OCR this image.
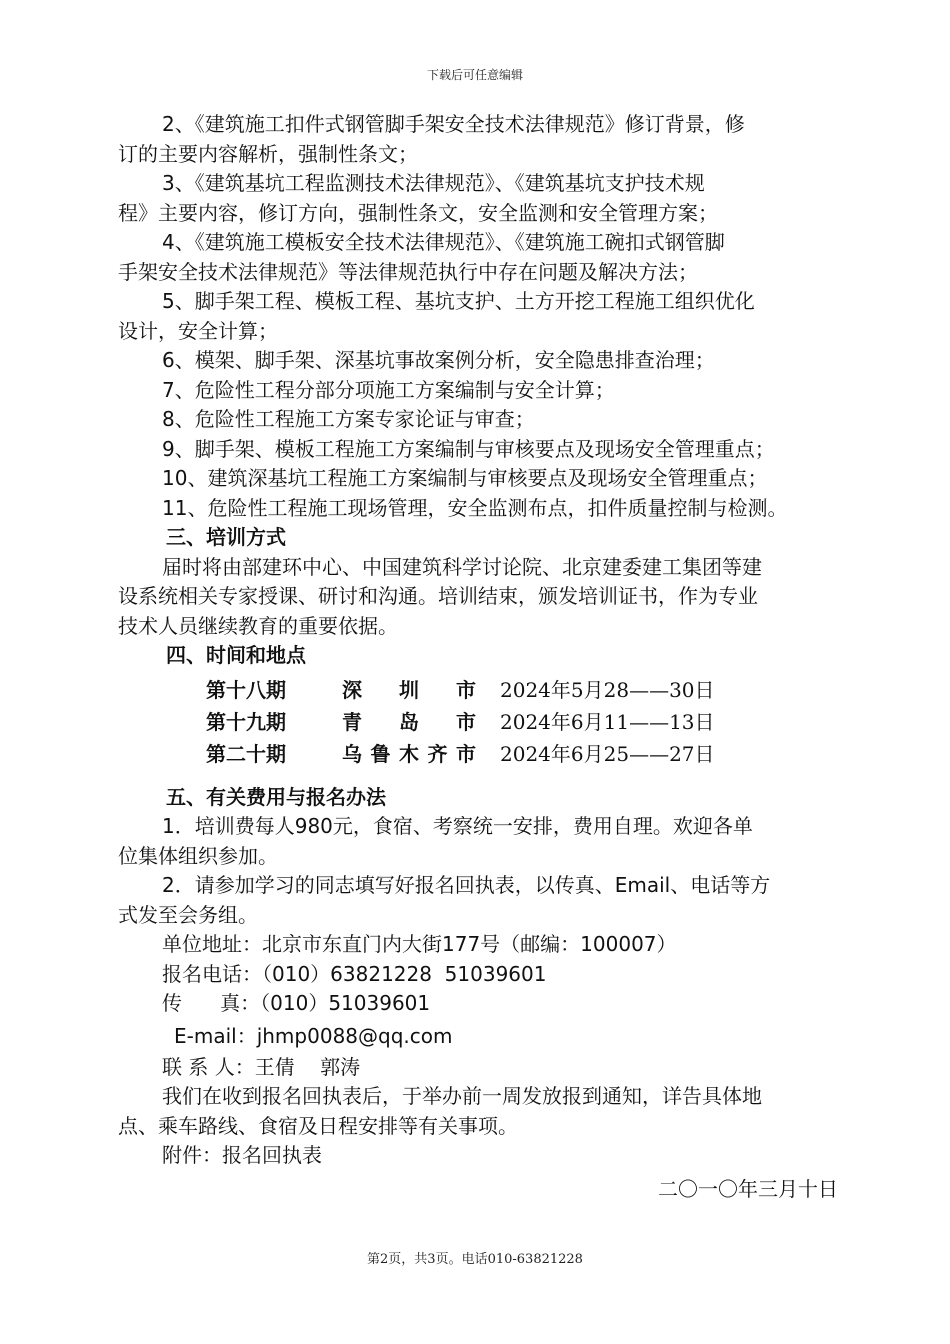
下载后可任意编辑

2、《建筑施工扣件式钢管脚手架安全技术法律规范》修订背景，修

订的主要内容解析，强制性条文；

3、《建筑基坑工程监测技术法律规范》、《建筑基坑支护技术规

程》主要内容，修订方向，强制性条文，安全监测和安全管理方案；

4、《建筑施工模板安全技术法律规范》、《建筑施工碗扣式钢管脚

手架安全技术法律规范》等法律规范执行中存在问题及解决方法；

5、脚手架工程、模板工程、基坑支护、土方开挖工程施工组织优化

设计，安全计算；

6、模架、脚手架、深基坑事故案例分析，安全隐患排查治理；

7、危险性工程分部分项施工方案编制与安全计算；

8、危险性工程施工方案专家论证与审查；

9、脚手架、模板工程施工方案编制与审核要点及现场安全管理重点；

10、建筑深基坑工程施工方案编制与审核要点及现场安全管理重点；

11、危险性工程施工现场管理，安全监测布点，扣件质量控制与检测。

三、培训方式

届时将由部建环中心、中国建筑科学讨论院、北京建委建工集团等建

设系统相关专家授课、研讨和沟通。培训结束，颁发培训证书，作为专业

技术人员继续教育的重要依据。

四、时间和地点

第十八期	深圳市	2024年5月28——30日
第十九期	青岛市	2024年6月11——13日
第二十期	乌鲁木齐市	2024年6月25——27日

五、有关费用与报名办法

1．培训费每人980元，食宿、考察统一安排，费用自理。欢迎各单

位集体组织参加。

2．请参加学习的同志填写好报名回执表，以传真、Email、电话等方

式发至会务组。

单位地址：北京市东直门内大街177号（邮编：100007）

报名电话：（010）63821228  51039601

传      真：（010）51039601

E-mail：jhmp0088@qq.com

联 系 人：王倩    郭涛

我们在收到报名回执表后，于举办前一周发放报到通知，详告具体地

点、乘车路线、食宿及日程安排等有关事项。

附件：报名回执表

二〇一〇年三月十日

第2页，共3页。电话010-63821228
